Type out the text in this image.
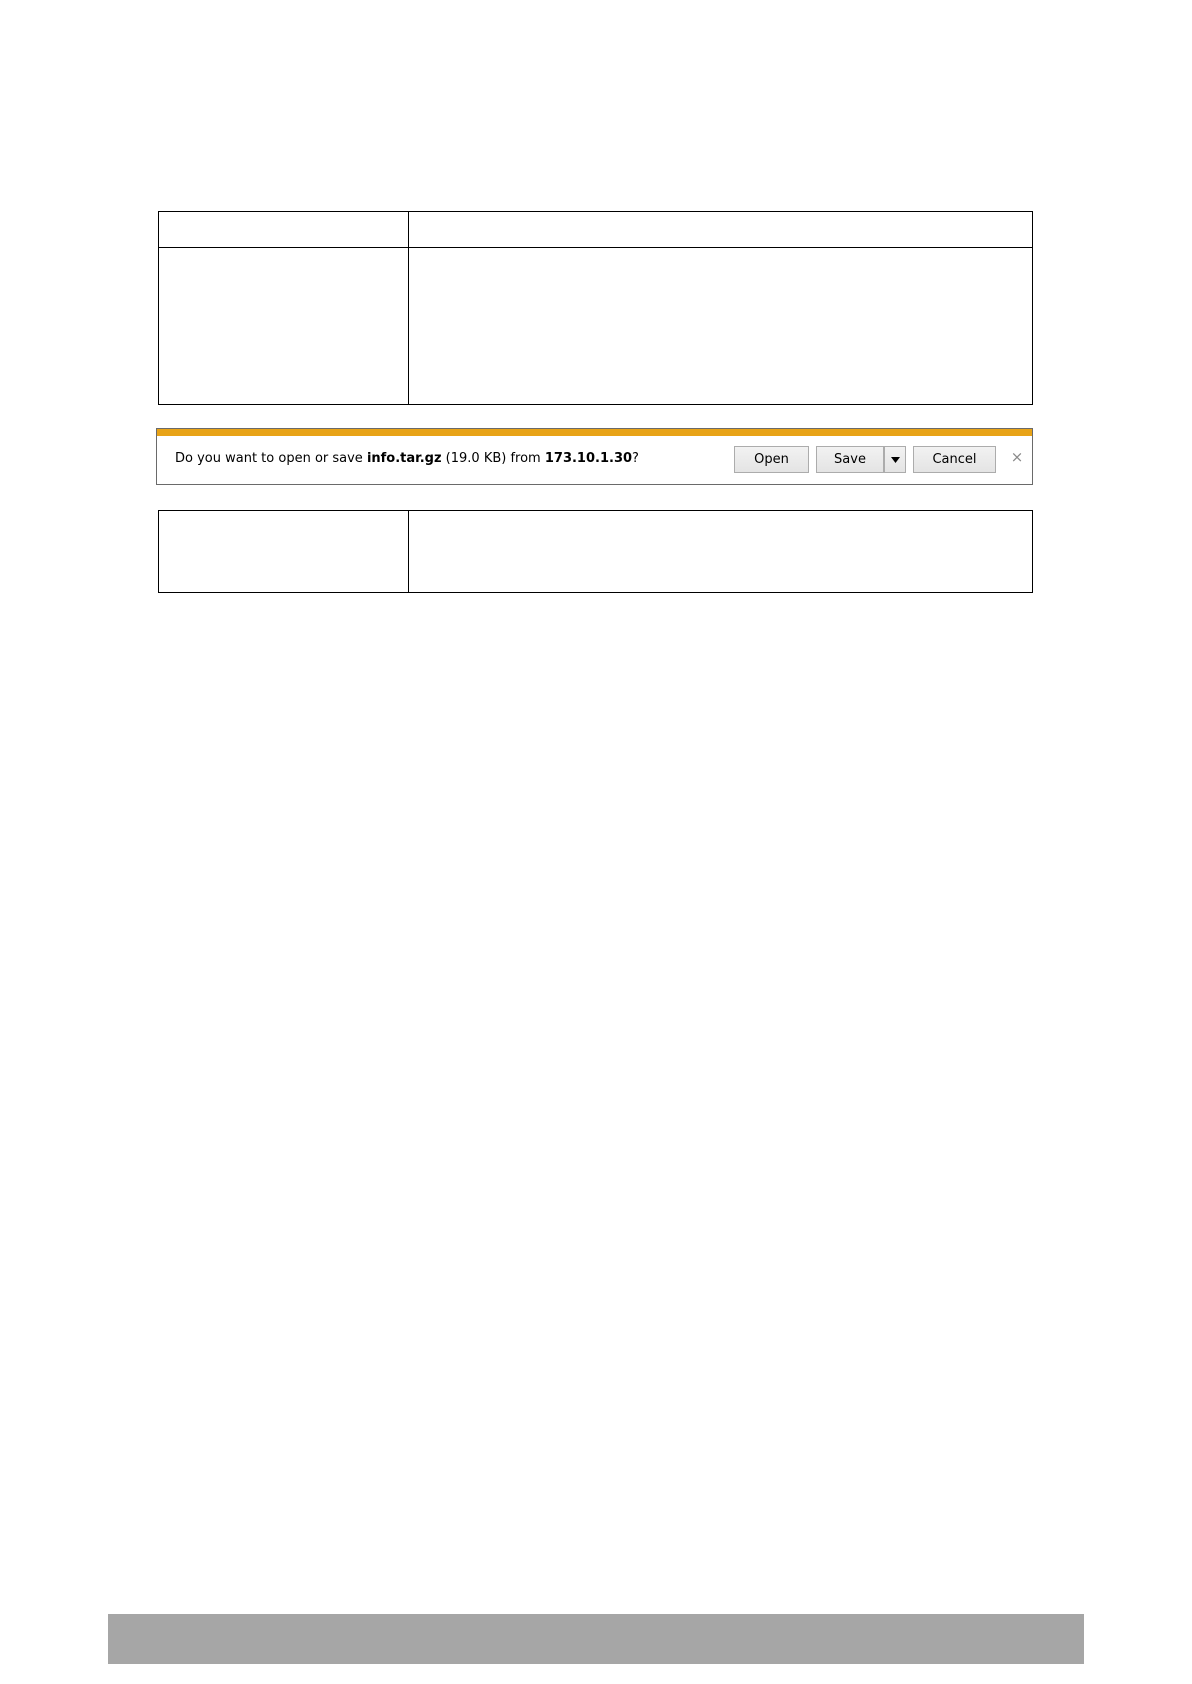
Do you want to open or save info.tar.gz (19.0 KB) from 173.10.1.30?	Open	Save	Cancel ×
